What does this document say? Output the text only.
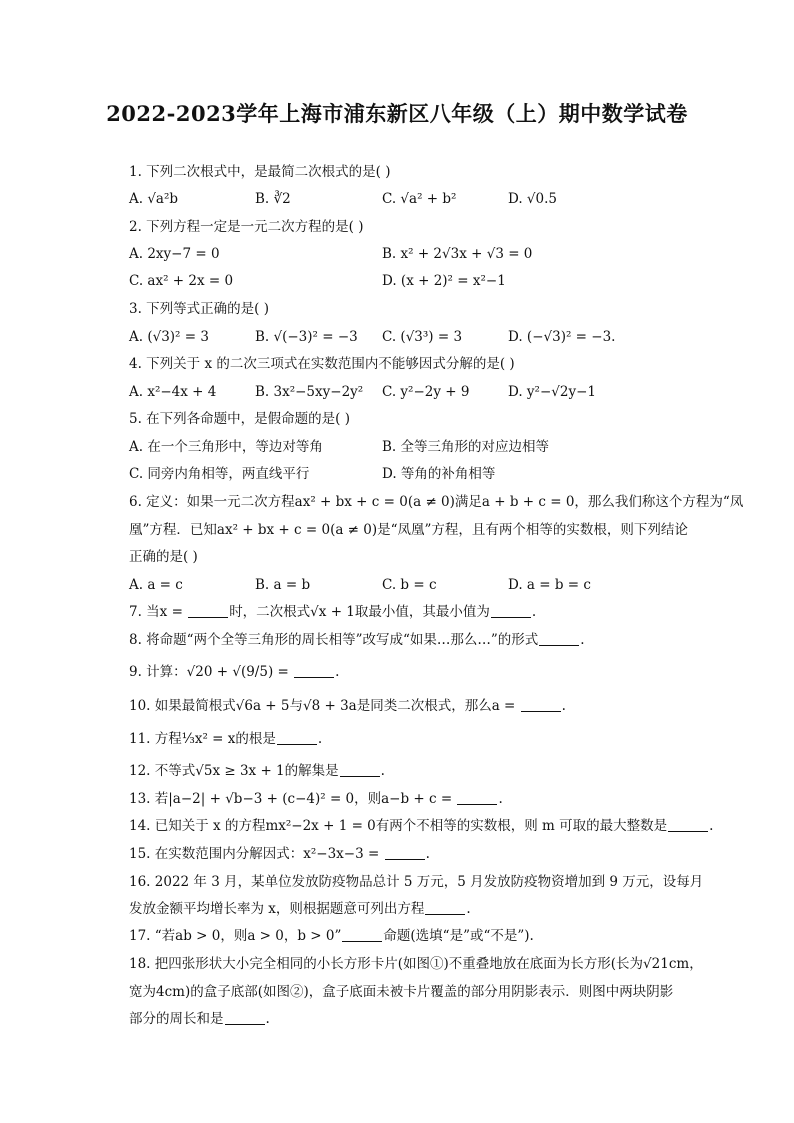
2022-2023学年上海市浦东新区八年级（上）期中数学试卷
1. 下列二次根式中，是最简二次根式的是( )
A. √a²b	B. ∛2	C. √a² + b²	D. √0.5
2. 下列方程一定是一元二次方程的是( )
A. 2xy−7 = 0	B. x² + 2√3x + √3 = 0
C. ax² + 2x = 0	D. (x + 2)² = x²−1
3. 下列等式正确的是( )
A. (√3)² = 3	B. √(−3)² = −3 C. (√3³) = 3	D. (−√3)² = −3.
4. 下列关于 x 的二次三项式在实数范围内不能够因式分解的是( )
A. x²−4x + 4	B. 3x²−5xy−2y² C. y²−2y + 9	D. y²−√2y−1
5. 在下列各命题中，是假命题的是( )
A. 在一个三角形中，等边对等角	B. 全等三角形的对应边相等
C. 同旁内角相等，两直线平行	D. 等角的补角相等
6. 定义：如果一元二次方程ax² + bx + c = 0(a ≠ 0)满足a + b + c = 0，那么我们称这个方程为“凤
凰”方程．已知ax² + bx + c = 0(a ≠ 0)是“凤凰”方程，且有两个相等的实数根，则下列结论
正确的是( )
A. a = c	B. a = b	C. b = c	D. a = b = c
7. 当x =	时，二次根式√x + 1取最小值，其最小值为	.
8. 将命题“两个全等三角形的周长相等”改写成“如果…那么…”的形式	.
9. 计算：√20 + √(9/5) =	.
10. 如果最简根式√6a + 5与√8 + 3a是同类二次根式，那么a =	.
11. 方程⅓x² = x的根是	.
12. 不等式√5x ≥ 3x + 1的解集是	.
13. 若|a−2| + √b−3 + (c−4)² = 0，则a−b + c =	.
14. 已知关于 x 的方程mx²−2x + 1 = 0有两个不相等的实数根，则 m 可取的最大整数是	.
15. 在实数范围内分解因式：x²−3x−3 =	.
16. 2022 年 3 月，某单位发放防疫物品总计 5 万元，5 月发放防疫物资增加到 9 万元，设每月
发放金额平均增长率为 x，则根据题意可列出方程	.
17. “若ab > 0，则a > 0，b > 0”	命题(选填“是”或“不是”).
18. 把四张形状大小完全相同的小长方形卡片(如图①)不重叠地放在底面为长方形(长为√21cm，
宽为4cm)的盒子底部(如图②)，盒子底面未被卡片覆盖的部分用阴影表示．则图中两块阴影
部分的周长和是	.
